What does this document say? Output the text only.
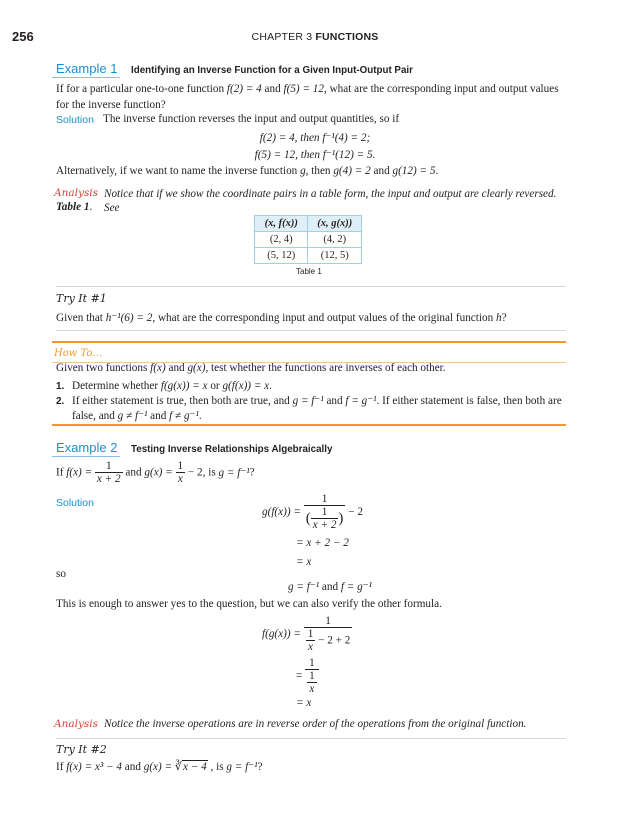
256	CHAPTER 3 FUNCTIONS
Example 1 Identifying an Inverse Function for a Given Input-Output Pair
If for a particular one-to-one function f(2) = 4 and f(5) = 12, what are the corresponding input and output values
for the inverse function?
Solution The inverse function reverses the input and output quantities, so if
f(2) = 4, then f⁻¹(4) = 2;
f(5) = 12, then f⁻¹(12) = 5.
Alternatively, if we want to name the inverse function g, then g(4) = 2 and g(12) = 5.
Analysis Notice that if we show the coordinate pairs in a table form, the input and output are clearly reversed. See
Table 1.
(x, f(x))	(x, g(x))
(2, 4)	(4, 2)
(5, 12)	(12, 5)
Table 1
Try It #1
Given that h⁻¹(6) = 2, what are the corresponding input and output values of the original function h?
How To…
Given two functions f(x) and g(x), test whether the functions are inverses of each other.
1. Determine whether f(g(x)) = x or g(f(x)) = x.
2. If either statement is true, then both are true, and g = f⁻¹ and f = g⁻¹. If either statement is false, then both are
false, and g ≠ f⁻¹ and f ≠ g⁻¹.
Example 2 Testing Inverse Relationships Algebraically
If $f(x) = \frac{1}{x + 2}$ and $g(x) = \frac{1}{x} - 2$, is g = f⁻¹?
Solution
$g(f(x)) = \frac{1}{( \frac{1}{x + 2} )} - 2$
= x + 2 − 2
= x
so
g = f⁻¹ and f = g⁻¹
This is enough to answer yes to the question, but we can also verify the other formula.
$f(g(x)) = \frac{1}{\frac{1}{x} - 2 + 2}$
= $\frac{1}{\frac{1}{x}}$
= x
Analysis Notice the inverse operations are in reverse order of the operations from the original function.
Try It #2
If f(x) = x³ − 4 and g(x) = ∛x − 4 , is g = f⁻¹?
